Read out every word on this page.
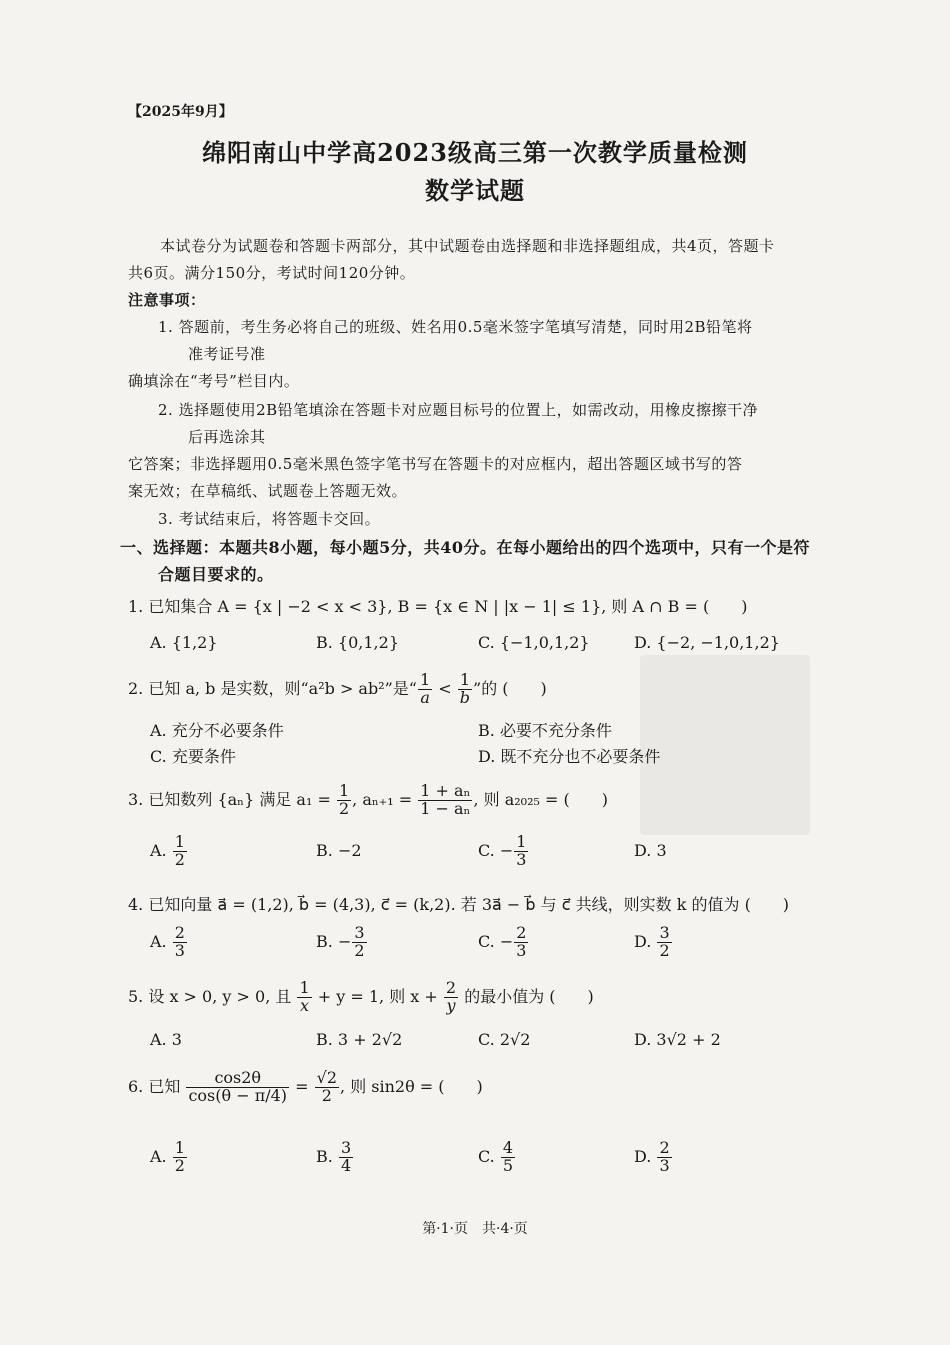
【2025年9月】
绵阳南山中学高2023级高三第一次教学质量检测
数学试题
本试卷分为试题卷和答题卡两部分，其中试题卷由选择题和非选择题组成，共4页，答题卡
共6页。满分150分，考试时间120分钟。
注意事项：
1. 答题前，考生务必将自己的班级、姓名用0.5毫米签字笔填写清楚，同时用2B铅笔将
准考证号准
确填涂在“考号”栏目内。
2. 选择题使用2B铅笔填涂在答题卡对应题目标号的位置上，如需改动，用橡皮擦擦干净
后再选涂其
它答案；非选择题用0.5毫米黑色签字笔书写在答题卡的对应框内，超出答题区域书写的答
案无效；在草稿纸、试题卷上答题无效。
3. 考试结束后，将答题卡交回。
一、选择题：本题共8小题，每小题5分，共40分。在每小题给出的四个选项中，只有一个是符
合题目要求的。
1. 已知集合 A = {x | −2 < x < 3}, B = {x ∈ N | |x − 1| ≤ 1}, 则 A ∩ B = (　　)
A. {1,2}	B. {0,1,2}	C. {−1,0,1,2}	D. {−2, −1,0,1,2}
2. 已知 a, b 是实数，则“a²b > ab²”是“ $\frac{1}{a} < \frac{1}{b}$ ”的 (　　)
A. 充分不必要条件	B. 必要不充分条件
C. 充要条件	D. 既不充分也不必要条件
3. 已知数列 {aₙ} 满足 $a_1 = \frac{1}{2}$ , $a_{n+1} = \frac{\text{1 + aₙ}}{\text{1 − aₙ}}$ , 则 a₂₀₂₅ = (　　)
A. $\frac{1}{2}$	B. −2	C. − $\frac{1}{3}$	D. 3
4. 已知向量 a⃗ = (1,2), b⃗ = (4,3), c⃗ = (k,2). 若 3a⃗ − b⃗ 与 c⃗ 共线，则实数 k 的值为 (　　)
A. $\frac{2}{3}$	B. − $\frac{3}{2}$	C. − $\frac{2}{3}$	D. $\frac{3}{2}$
5. 设 x > 0, y > 0, 且 $\frac{1}{x} + y = 1$, 则 $x + \frac{2}{y}$ 的最小值为 (　　)
A. 3	B. 3 + 2√2	C. 2√2	D. 3√2 + 2
6. 已知 $\frac{\cos 2\theta}{\cos(\theta - \pi/4)} = \frac{√2}{2}$ , 则 sin2θ = (　　)
A. $\frac{1}{2}$	B. $\frac{3}{4}$	C. $\frac{4}{5}$	D. $\frac{2}{3}$
第·1·页　共·4·页
